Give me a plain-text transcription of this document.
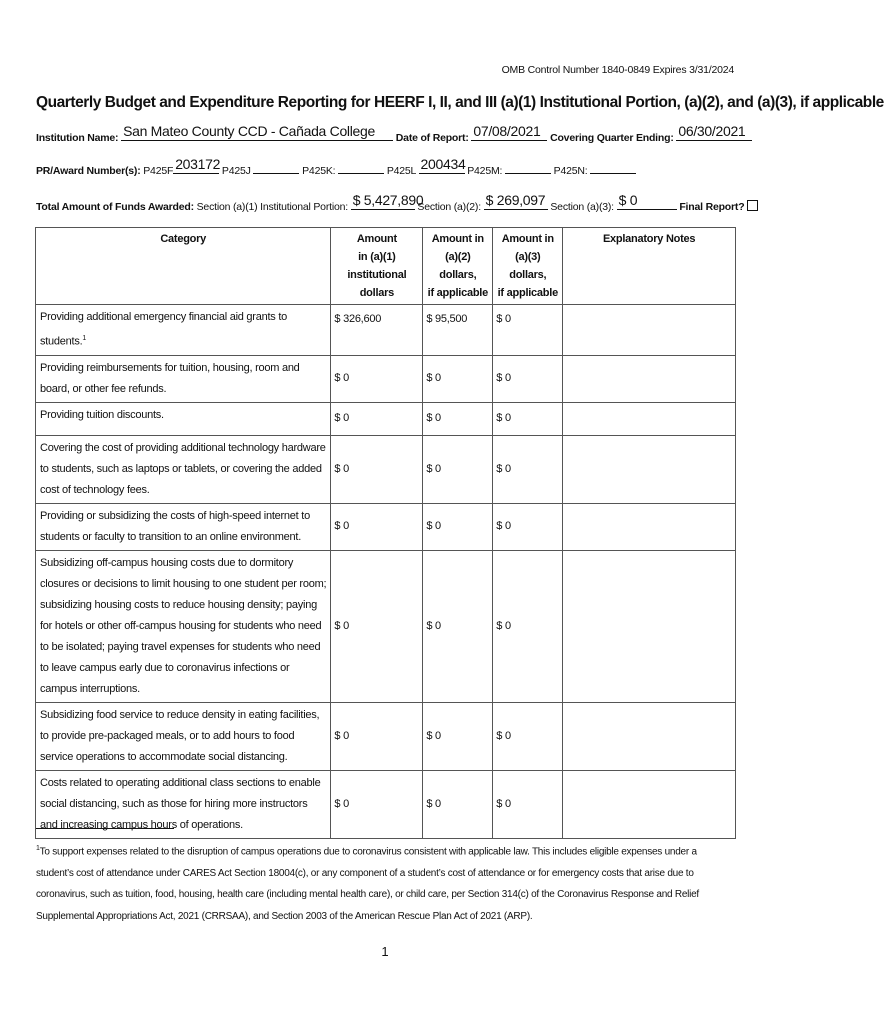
OMB Control Number 1840-0849 Expires 3/31/2024
Quarterly Budget and Expenditure Reporting for HEERF I, II, and III (a)(1) Institutional Portion, (a)(2), and (a)(3), if applicable
Institution Name: San Mateo County CCD - Cañada College Date of Report: 07/08/2021 Covering Quarter Ending: 06/30/2021
PR/Award Number(s): P425F 203172 P425J	P425K:	P425L 200434 P425M:	P425N:
Total Amount of Funds Awarded: Section (a)(1) Institutional Portion: $ 5,427,890
Section (a)(2): $ 269,097 Section (a)(3): $ 0	Final Report?
Category	Amount
in (a)(1)
institutional dollars	Amount in
(a)(2) dollars,
if applicable	Amount in
(a)(3) dollars,
if applicable	Explanatory Notes
Providing additional emergency financial aid grants to students.$^1$	$ 326,600	$ 95,500	$ 0	
Providing reimbursements for tuition, housing, room and board, or other fee refunds.	$ 0	$ 0	$ 0	
Providing tuition discounts.	$ 0	$ 0	$ 0	
Covering the cost of providing additional technology hardware to students, such as laptops or tablets, or covering the added cost of technology fees.	$ 0	$ 0	$ 0	
Providing or subsidizing the costs of high-speed internet to students or faculty to transition to an online environment.	$ 0	$ 0	$ 0	
Subsidizing off-campus housing costs due to dormitory closures or decisions to limit housing to one student per room; subsidizing housing costs to reduce housing density; paying for hotels or other off-campus housing for students who need to be isolated; paying travel expenses for students who need to leave campus early due to coronavirus infections or campus interruptions.	$ 0	$ 0	$ 0	
Subsidizing food service to reduce density in eating facilities, to provide pre-packaged meals, or to add hours to food service operations to accommodate social distancing.	$ 0	$ 0	$ 0	
Costs related to operating additional class sections to enable social distancing, such as those for hiring more instructors and increasing campus hours of operations.	$ 0	$ 0	$ 0	
$^1$To support expenses related to the disruption of campus operations due to coronavirus consistent with applicable law. This includes eligible expenses under a student’s cost of attendance under CARES Act Section 18004(c), or any component of a student’s cost of attendance or for emergency costs that arise due to coronavirus, such as tuition, food, housing, health care (including mental health care), or child care, per Section 314(c) of the Coronavirus Response and Relief Supplemental Appropriations Act, 2021 (CRRSAA), and Section 2003 of the American Rescue Plan Act of 2021 (ARP).
1
